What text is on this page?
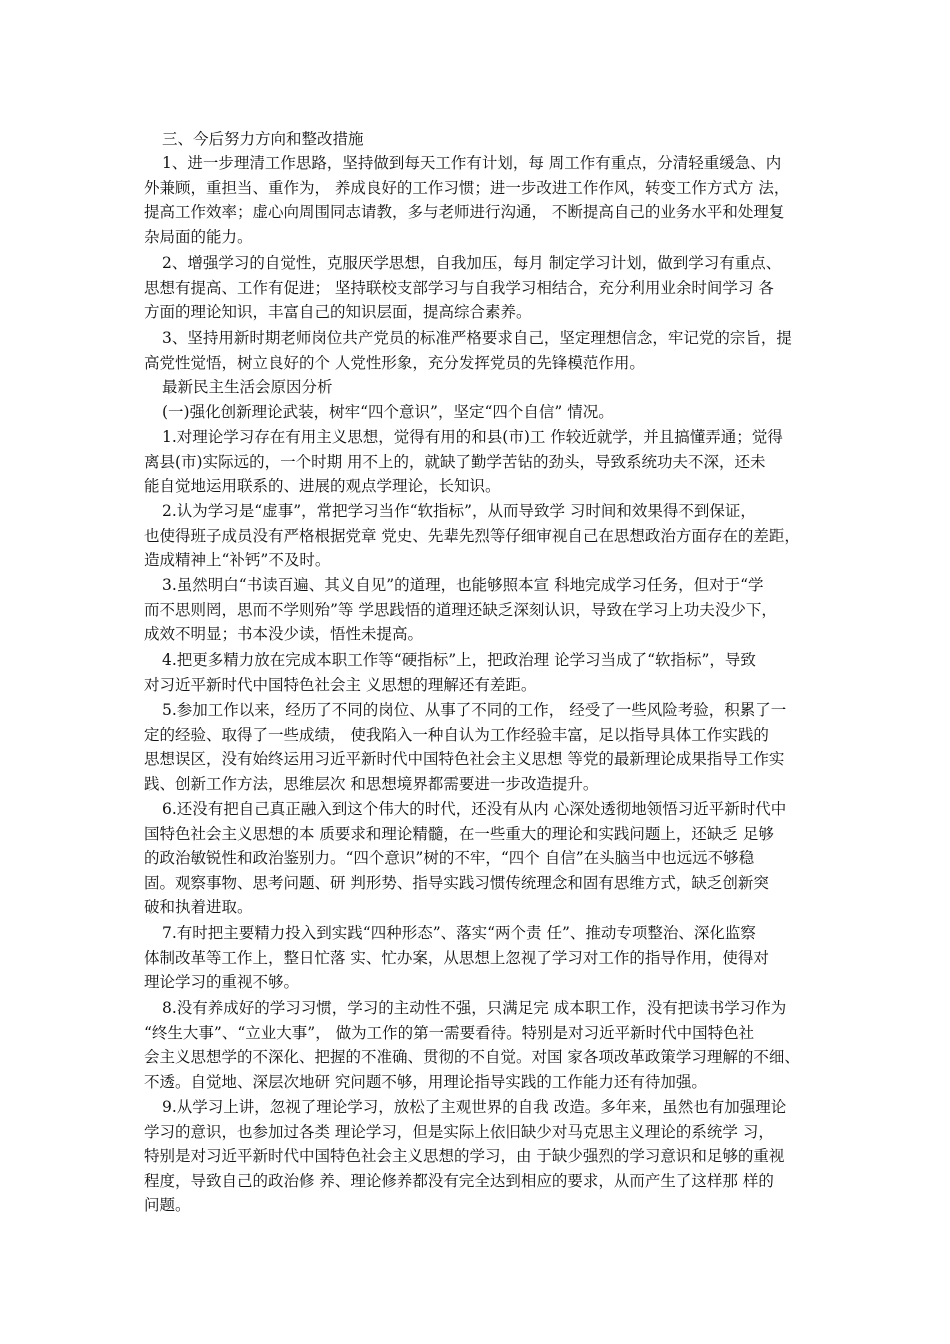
三、今后努力方向和整改措施
1、进一步理清工作思路，坚持做到每天工作有计划，每 周工作有重点，分清轻重缓急、内
外兼顾，重担当、重作为， 养成良好的工作习惯；进一步改进工作作风，转变工作方式方 法，
提高工作效率；虚心向周围同志请教，多与老师进行沟通， 不断提高自己的业务水平和处理复
杂局面的能力。
2、增强学习的自觉性，克服厌学思想，自我加压，每月 制定学习计划，做到学习有重点、
思想有提高、工作有促进； 坚持联校支部学习与自我学习相结合，充分利用业余时间学习 各
方面的理论知识，丰富自己的知识层面，提高综合素养。
3、坚持用新时期老师岗位共产党员的标准严格要求自己，坚定理想信念，牢记党的宗旨，提
高党性觉悟，树立良好的个 人党性形象，充分发挥党员的先锋模范作用。
最新民主生活会原因分析
(一)强化创新理论武装，树牢“四个意识”，坚定“四个自信” 情况。
1.对理论学习存在有用主义思想，觉得有用的和县(市)工 作较近就学，并且搞懂弄通；觉得
离县(市)实际远的，一个时期 用不上的，就缺了勤学苦钻的劲头，导致系统功夫不深，还未
能自觉地运用联系的、进展的观点学理论，长知识。
2.认为学习是“虚事”，常把学习当作“软指标”，从而导致学 习时间和效果得不到保证，
也使得班子成员没有严格根据党章 党史、先辈先烈等仔细审视自己在思想政治方面存在的差距，
造成精神上“补钙”不及时。
3.虽然明白“书读百遍、其义自见”的道理，也能够照本宣 科地完成学习任务，但对于“学
而不思则罔，思而不学则殆”等 学思践悟的道理还缺乏深刻认识，导致在学习上功夫没少下，
成效不明显；书本没少读，悟性未提高。
4.把更多精力放在完成本职工作等“硬指标”上，把政治理 论学习当成了“软指标”，导致
对习近平新时代中国特色社会主 义思想的理解还有差距。
5.参加工作以来，经历了不同的岗位、从事了不同的工作， 经受了一些风险考验，积累了一
定的经验、取得了一些成绩， 使我陷入一种自认为工作经验丰富，足以指导具体工作实践的
思想误区，没有始终运用习近平新时代中国特色社会主义思想 等党的最新理论成果指导工作实
践、创新工作方法，思维层次 和思想境界都需要进一步改造提升。
6.还没有把自己真正融入到这个伟大的时代，还没有从内 心深处透彻地领悟习近平新时代中
国特色社会主义思想的本 质要求和理论精髓，在一些重大的理论和实践问题上，还缺乏 足够
的政治敏锐性和政治鉴别力。“四个意识”树的不牢，“四个 自信”在头脑当中也远远不够稳
固。观察事物、思考问题、研 判形势、指导实践习惯传统理念和固有思维方式，缺乏创新突
破和执着进取。
7.有时把主要精力投入到实践“四种形态”、落实“两个责 任”、推动专项整治、深化监察
体制改革等工作上，整日忙落 实、忙办案，从思想上忽视了学习对工作的指导作用，使得对
理论学习的重视不够。
8.没有养成好的学习习惯，学习的主动性不强，只满足完 成本职工作，没有把读书学习作为
“终生大事”、“立业大事”， 做为工作的第一需要看待。特别是对习近平新时代中国特色社
会主义思想学的不深化、把握的不准确、贯彻的不自觉。对国 家各项改革政策学习理解的不细、
不透。自觉地、深层次地研 究问题不够，用理论指导实践的工作能力还有待加强。
9.从学习上讲，忽视了理论学习，放松了主观世界的自我 改造。多年来，虽然也有加强理论
学习的意识，也参加过各类 理论学习，但是实际上依旧缺少对马克思主义理论的系统学 习，
特别是对习近平新时代中国特色社会主义思想的学习，由 于缺少强烈的学习意识和足够的重视
程度，导致自己的政治修 养、理论修养都没有完全达到相应的要求，从而产生了这样那 样的
问题。
